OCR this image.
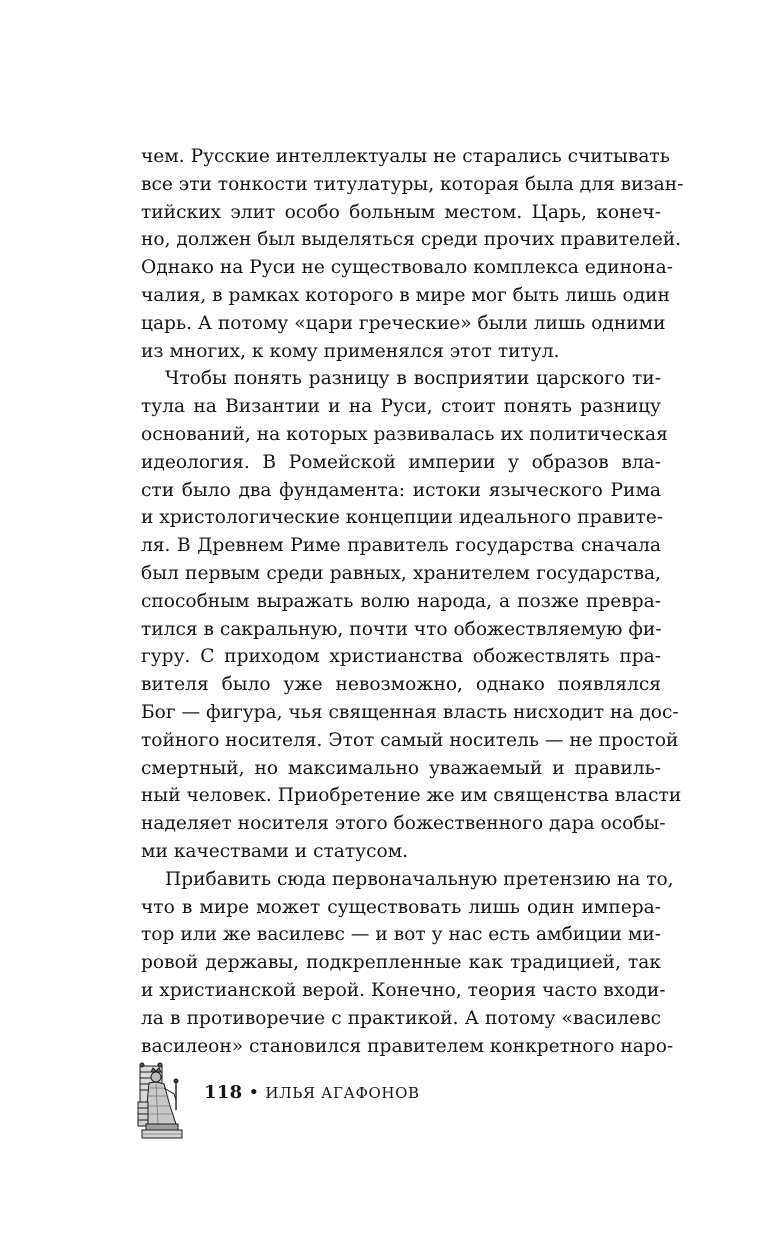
чем. Русские интеллектуалы не старались считывать
все эти тонкости титулатуры, которая была для визан-
тийских элит особо больным местом. Царь, конеч-
но, должен был выделяться среди прочих правителей.
Однако на Руси не существовало комплекса единона-
чалия, в рамках которого в мире мог быть лишь один
царь. А потому «цари греческие» были лишь одними
из многих, к кому применялся этот титул.
Чтобы понять разницу в восприятии царского ти-
тула на Византии и на Руси, стоит понять разницу
оснований, на которых развивалась их политическая
идеология. В Ромейской империи у образов вла-
сти было два фундамента: истоки языческого Рима
и христологические концепции идеального правите-
ля. В Древнем Риме правитель государства сначала
был первым среди равных, хранителем государства,
способным выражать волю народа, а позже превра-
тился в сакральную, почти что обожествляемую фи-
гуру. С приходом христианства обожествлять пра-
вителя было уже невозможно, однако появлялся
Бог — фигура, чья священная власть нисходит на дос-
тойного носителя. Этот самый носитель — не простой
смертный, но максимально уважаемый и правиль-
ный человек. Приобретение же им священства власти
наделяет носителя этого божественного дара особы-
ми качествами и статусом.
Прибавить сюда первоначальную претензию на то,
что в мире может существовать лишь один импера-
тор или же василевс — и вот у нас есть амбиции ми-
ровой державы, подкрепленные как традицией, так
и христианской верой. Конечно, теория часто входи-
ла в противоречие с практикой. А потому «василевс
василеон» становился правителем конкретного наро-
118 • ИЛЬЯ АГАФОНОВ
